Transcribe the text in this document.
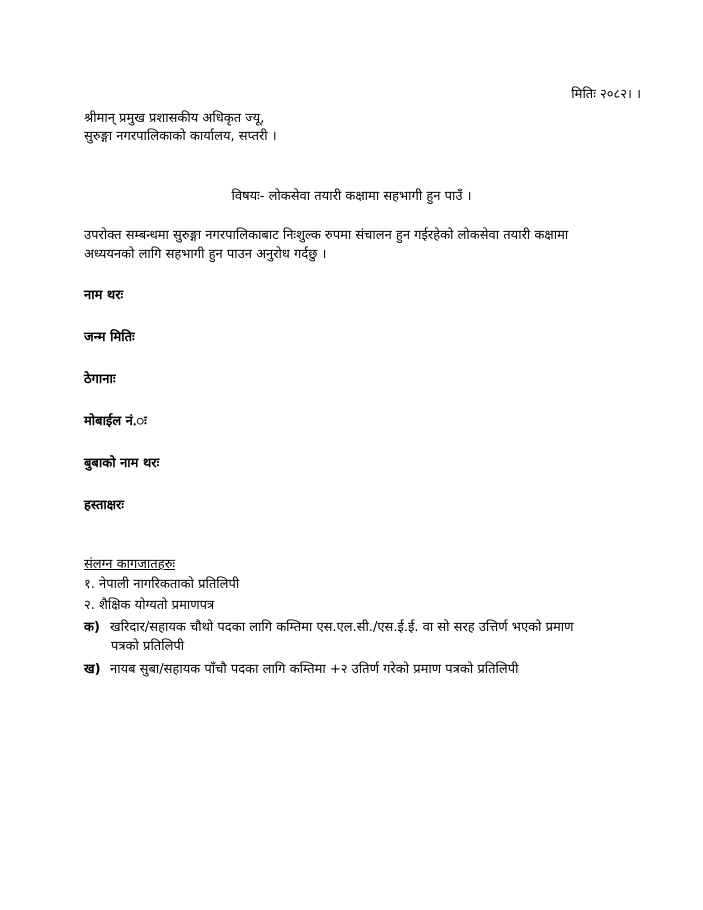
मितिः २०८२। ।
श्रीमान् प्रमुख प्रशासकीय अधिकृत ज्यू,
सुरुङ्गा नगरपालिकाको कार्यालय, सप्तरी ।
विषयः- लोकसेवा तयारी कक्षामा सहभागी हुन पाउँ ।
उपरोक्त सम्बन्धमा सुरुङ्गा नगरपालिकाबाट निःशुल्क रुपमा संचालन हुन गईरहेको लोकसेवा तयारी कक्षामा
अध्ययनको लागि सहभागी हुन पाउन अनुरोध गर्दछु ।
नाम थरः
जन्म मितिः
ठेगानाः
मोबाईल नं.ः
बुबाको नाम थरः
हस्ताक्षरः
संलग्न कागजातहरुः
१. नेपाली नागरिकताको प्रतिलिपी
२. शैक्षिक योग्यतो प्रमाणपत्र
क) खरिदार/सहायक चौथो पदका लागि कम्तिमा एस.एल.सी./एस.ई.ई. वा सो सरह उत्तिर्ण भएको प्रमाण
पत्रको प्रतिलिपी
ख) नायब सुबा/सहायक पाँचौ पदका लागि कम्तिमा +२ उतिर्ण गरेको प्रमाण पत्रको प्रतिलिपी
